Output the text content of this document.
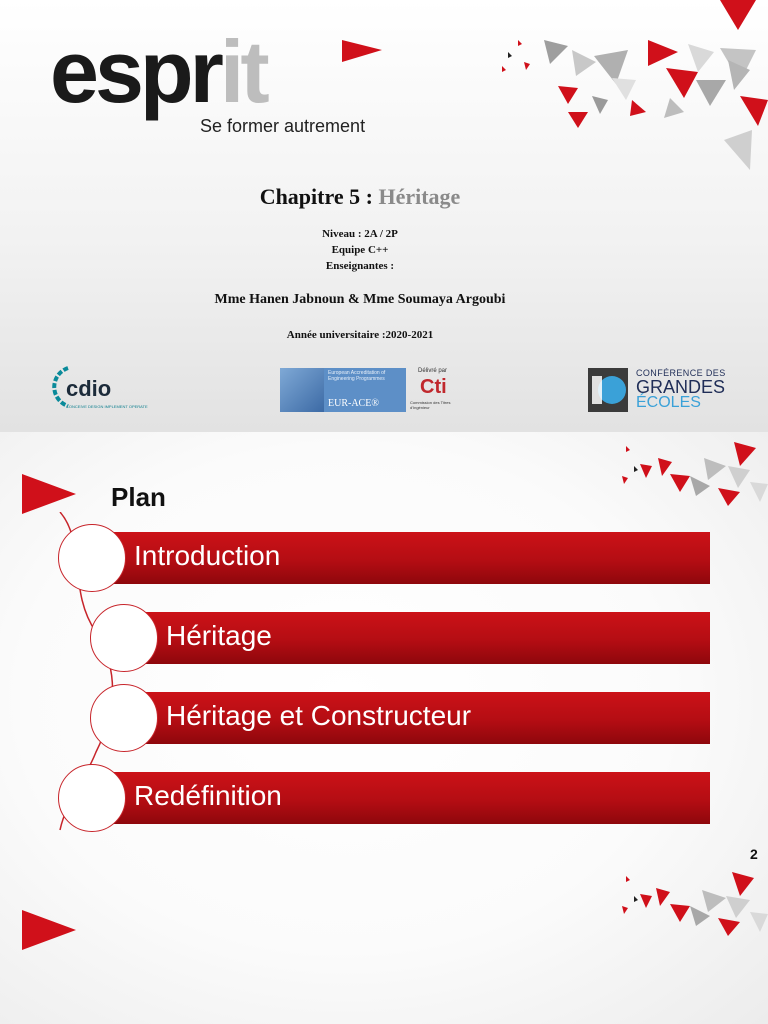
esprit
Se former autrement
Chapitre 5 : Héritage
Niveau : 2A / 2P
Equipe C++
Enseignantes :
Mme Hanen Jabnoun & Mme Soumaya Argoubi
Année universitaire :2020-2021
cdio
CONCEIVE DESIGN IMPLEMENT OPERATE
European Accreditation of Engineering Programmes
EUR-ACE®
Délivré par
Cti
Commission des Titres d'Ingénieur
CONFÉRENCE DES
GRANDES
ÉCOLES
Plan
Introduction
Héritage
Héritage et Constructeur
Redéfinition
2
